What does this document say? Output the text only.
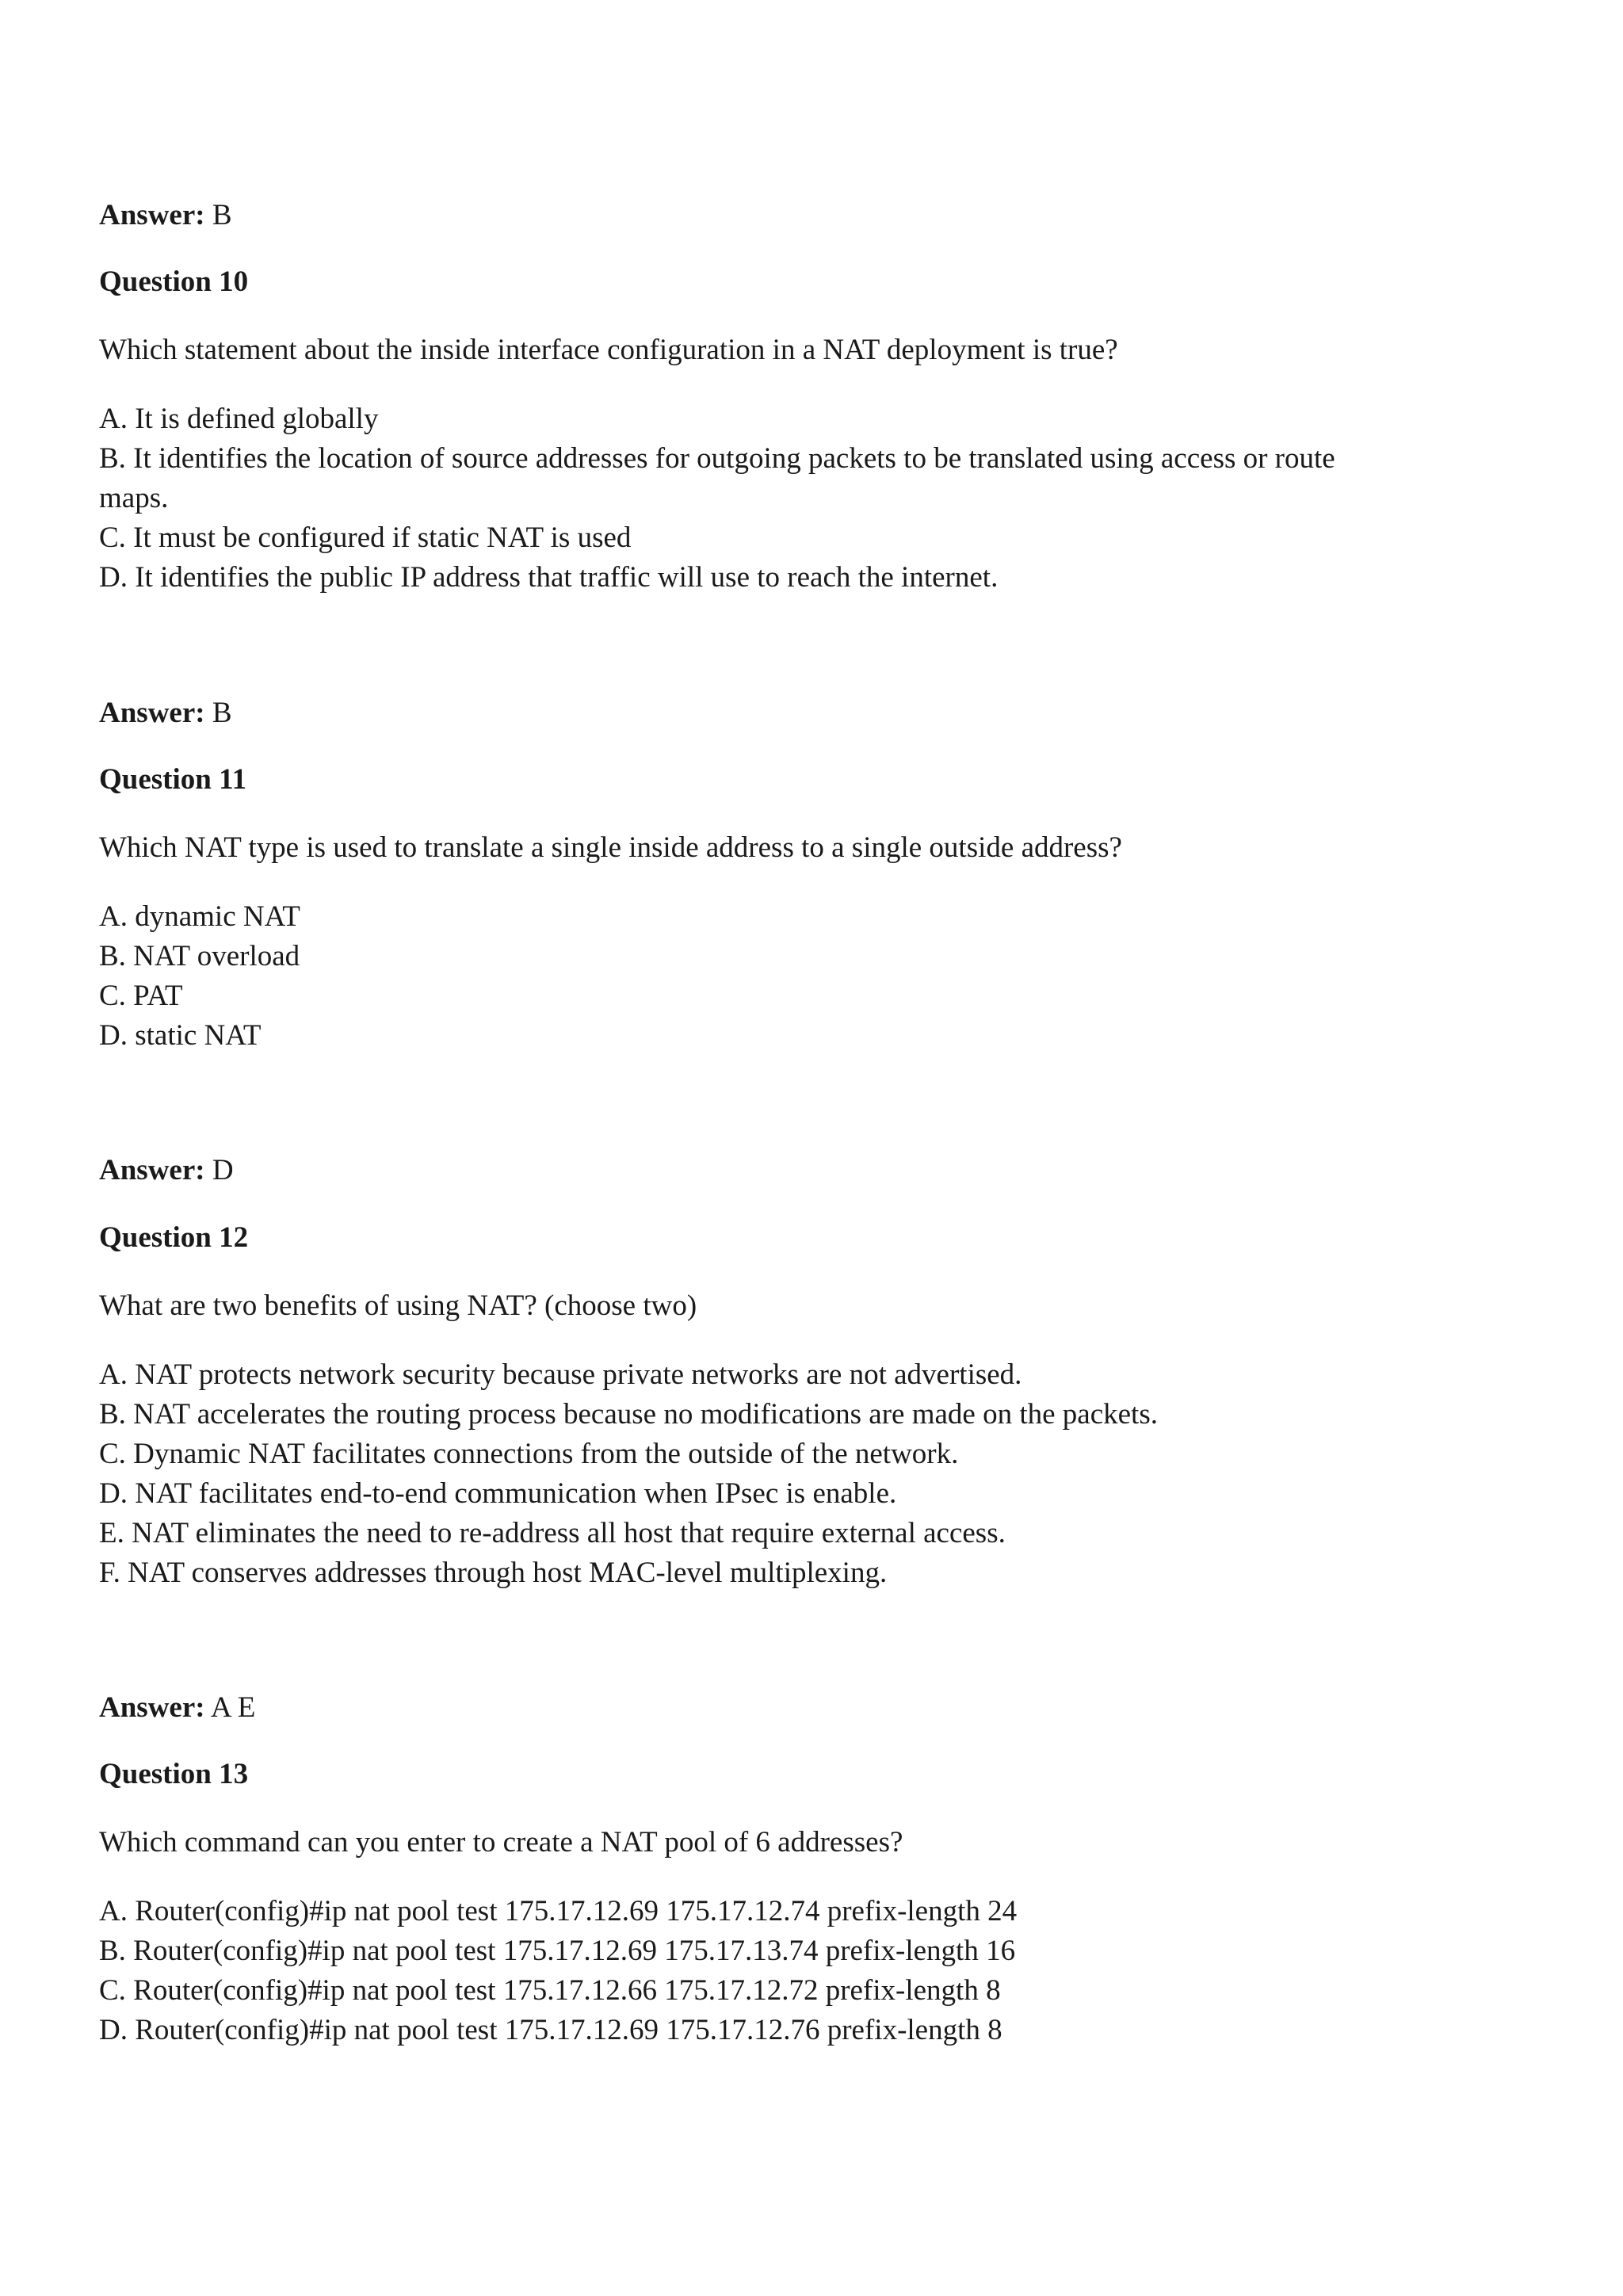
Answer: B
Question 10
Which statement about the inside interface configuration in a NAT deployment is true?
A. It is defined globally
B. It identifies the location of source addresses for outgoing packets to be translated using access or route
maps.
C. It must be configured if static NAT is used
D. It identifies the public IP address that traffic will use to reach the internet.
Answer: B
Question 11
Which NAT type is used to translate a single inside address to a single outside address?
A. dynamic NAT
B. NAT overload
C. PAT
D. static NAT
Answer: D
Question 12
What are two benefits of using NAT? (choose two)
A. NAT protects network security because private networks are not advertised.
B. NAT accelerates the routing process because no modifications are made on the packets.
C. Dynamic NAT facilitates connections from the outside of the network.
D. NAT facilitates end-to-end communication when IPsec is enable.
E. NAT eliminates the need to re-address all host that require external access.
F. NAT conserves addresses through host MAC-level multiplexing.
Answer: A E
Question 13
Which command can you enter to create a NAT pool of 6 addresses?
A. Router(config)#ip nat pool test 175.17.12.69 175.17.12.74 prefix-length 24
B. Router(config)#ip nat pool test 175.17.12.69 175.17.13.74 prefix-length 16
C. Router(config)#ip nat pool test 175.17.12.66 175.17.12.72 prefix-length 8
D. Router(config)#ip nat pool test 175.17.12.69 175.17.12.76 prefix-length 8
